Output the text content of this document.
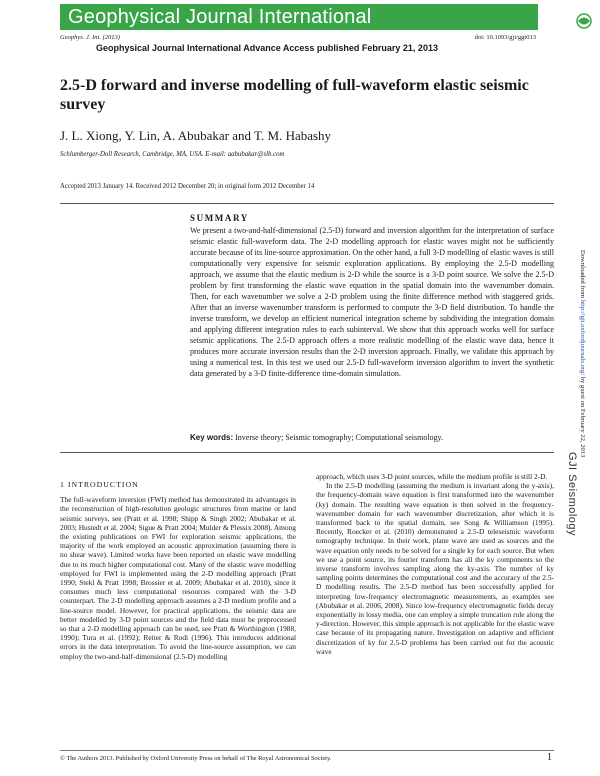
Geophysical Journal International
Geophys. J. Int. (2013)	doi: 10.1093/gji/ggt013
Geophysical Journal International Advance Access published February 21, 2013
2.5-D forward and inverse modelling of full-waveform elastic seismic survey
J. L. Xiong, Y. Lin, A. Abubakar and T. M. Habashy
Schlumberger-Doll Research, Cambridge, MA, USA. E-mail: aabubakar@slb.com
Accepted 2013 January 14. Received 2012 December 20; in original form 2012 December 14
SUMMARY
We present a two-and-half-dimensional (2.5-D) forward and inversion algorithm for the interpretation of surface seismic elastic full-waveform data. The 2-D modelling approach for elastic waves might not be sufficiently accurate because of its line-source approximation. On the other hand, a full 3-D modelling of elastic waves is still computationally very expensive for seismic exploration applications. By employing the 2.5-D modelling approach, we assume that the elastic medium is 2-D while the source is a 3-D point source. We solve the 2.5-D problem by first transforming the elastic wave equation in the spatial domain into the wavenumber domain. Then, for each wavenumber we solve a 2-D problem using the finite difference method with staggered grids. After that an inverse wavenumber transform is performed to compute the 3-D field distribution. To handle the inverse transform, we develop an efficient numerical integration scheme by subdividing the integration domain and applying different integration rules to each subinterval. We show that this approach works well for surface seismic applications. The 2.5-D approach offers a more realistic modelling of the elastic wave data, hence it produces more accurate inversion results than the 2-D inversion approach. Finally, we validate this approach by using a numerical test. In this test we used our 2.5-D full-waveform inversion algorithm to invert the synthetic data generated by a 3-D finite-difference time-domain simulation.
Key words: Inverse theory; Seismic tomography; Computational seismology.
1 INTRODUCTION

The full-waveform inversion (FWI) method has demonstrated its advantages in the reconstruction of high-resolution geologic structures from marine or land seismic surveys, see (Pratt et al. 1998; Shipp & Singh 2002; Abubakar et al. 2003; Hustedt et al. 2004; Sigue & Pratt 2004; Mulder & Plessix 2008). Among the existing publications on FWI for exploration seismic applications, the majority of the work employed an acoustic approximation (assuming there is no shear wave). Limited works have been reported on elastic wave modelling due to its much higher computational cost. Many of the elastic wave modelling employed for FWI is implemented using the 2-D modelling approach (Pratt 1990; Stekl & Pratt 1998; Brossier et al. 2009; Abubakar et al. 2010), since it consumes much less computational resources compared with the 3-D counterpart. The 2-D modelling approach assumes a 2-D medium profile and a line-source model. However, for practical applications, the seismic data are better modelled by 3-D point sources and the field data must be preprocessed so that a 2-D modelling approach can be used, see Pratt & Worthington (1988, 1990); Tura et al. (1992); Reiter & Rodi (1996). This introduces additional errors in the data interpretation. To avoid the line-source assumption, we can employ the two-and-half-dimensional (2.5-D) modelling

approach, which uses 3-D point sources, while the medium profile is still 2-D.

In the 2.5-D modelling (assuming the medium is invariant along the y-axis), the frequency-domain wave equation is first transformed into the wavenumber (ky) domain. The resulting wave equation is then solved in the frequency-wavenumber domain for each wavenumber discretization, after which it is transformed back to the spatial domain, see Song & Williamson (1995). Recently, Roecker et al. (2010) demonstrated a 2.5-D teleseismic waveform tomography technique. In their work, plane wave are used as sources and the wave equation only needs to be solved for a single ky for each source. But when we use a point source, its fourier transform has all the ky components so the inverse transform involves sampling along the ky-axis. The number of ky sampling points determines the computational cost and the accuracy of the 2.5-D modelling results. The 2.5-D method has been successfully applied for interpreting low-frequency electromagnetic measurements, as examples see (Abubakar et al. 2006, 2008). Since low-frequency electromagnetic fields decay exponentially in lossy media, one can employ a simple truncation rule along the y-direction. However, this simple approach is not applicable for the elastic wave case because of its propagating nature. Investigation on adaptive and efficient discretization of ky for 2.5-D problems has been carried out for the acoustic wave

© The Authors 2013. Published by Oxford University Press on behalf of The Royal Astronomical Society.	1
Downloaded from http://gji.oxfordjournals.org/ by guest on February 22, 2013
GJI Seismology
